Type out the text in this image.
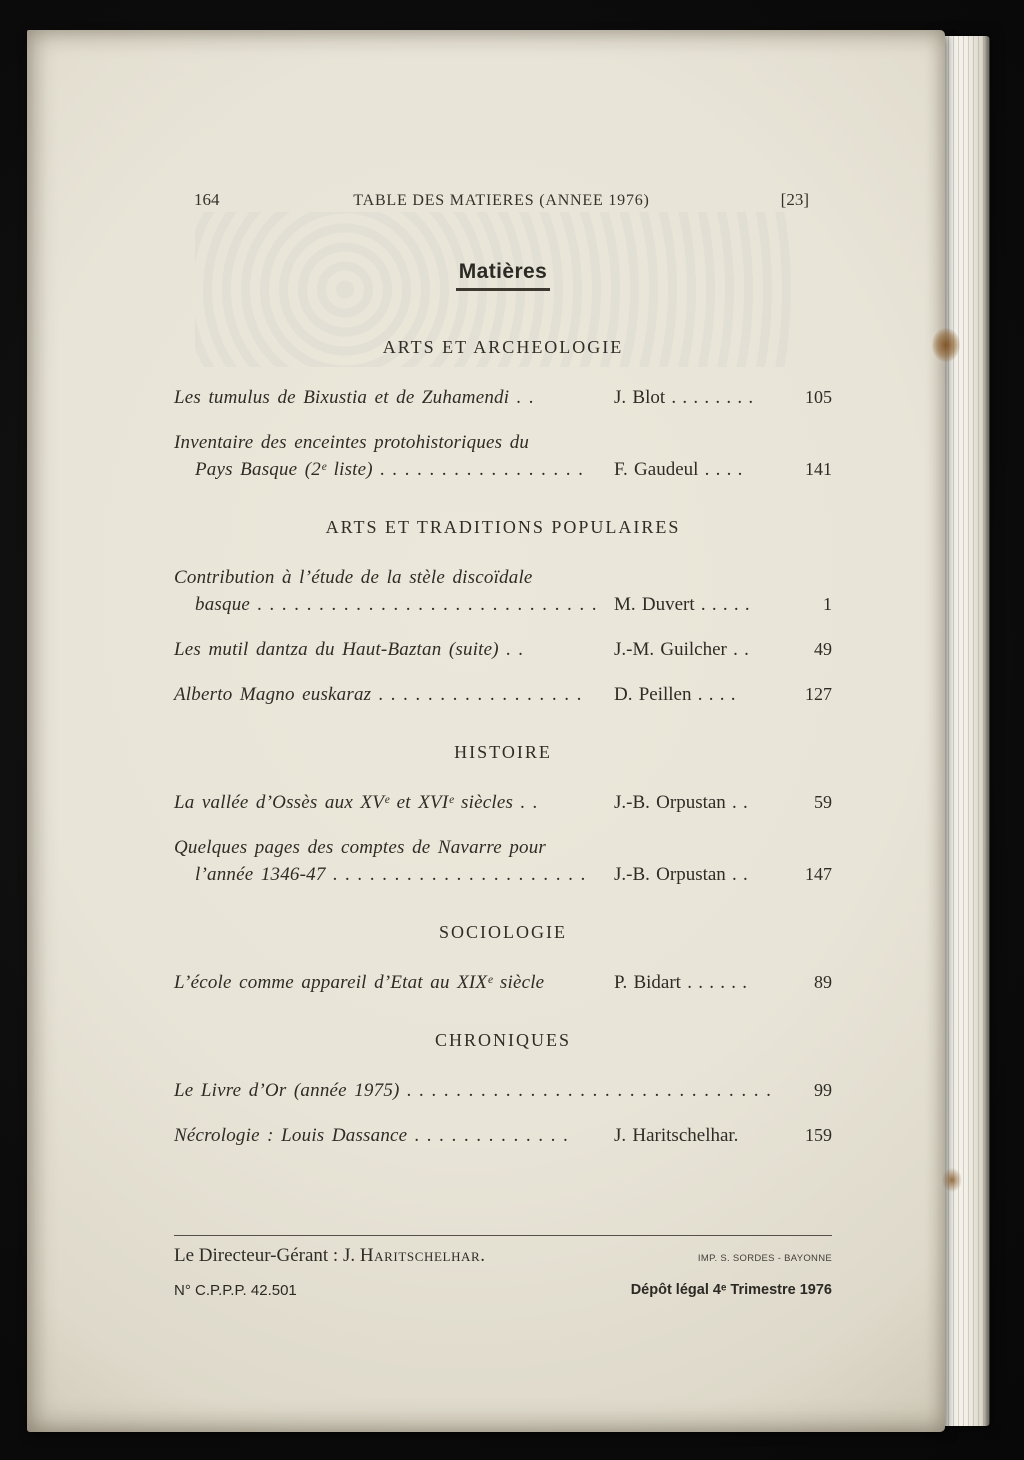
164	TABLE DES MATIERES (ANNEE 1976)	[23]
Matières
ARTS ET ARCHEOLOGIE
Les tumulus de Bixustia et de Zuhamendi . .	J. Blot . . . . . . . .	105
Inventaire des enceintes protohistoriques du
Pays Basque (2ᵉ liste) . . . . . . . . . . . . . . . . .	F. Gaudeul . . . .	141
ARTS ET TRADITIONS POPULAIRES
Contribution à l’étude de la stèle discoïdale
basque . . . . . . . . . . . . . . . . . . . . . . . . . . . . M. Duvert . . . . .	1
Les mutil dantza du Haut-Baztan (suite) . .	J.-M. Guilcher . .	49
Alberto Magno euskaraz . . . . . . . . . . . . . . . . .	D. Peillen . . . .	127
HISTOIRE
La vallée d’Ossès aux XVᵉ et XVIᵉ siècles . .	J.-B. Orpustan . .	59
Quelques pages des comptes de Navarre pour
l’année 1346-47 . . . . . . . . . . . . . . . . . . . . .	J.-B. Orpustan . .	147
SOCIOLOGIE
L’école comme appareil d’Etat au XIXᵉ siècle	P. Bidart . . . . . .	89
CHRONIQUES
Le Livre d’Or (année 1975) . . . . . . . . . . . . . . . . . . . . . . . . . . . . . .	99
Nécrologie : Louis Dassance . . . . . . . . . . . . .	J. Haritschelhar.	159
Le Directeur-Gérant : J. Haritschelhar.	IMP. S. SORDES - BAYONNE
N° C.P.P.P. 42.501	Dépôt légal 4ᵉ Trimestre 1976
